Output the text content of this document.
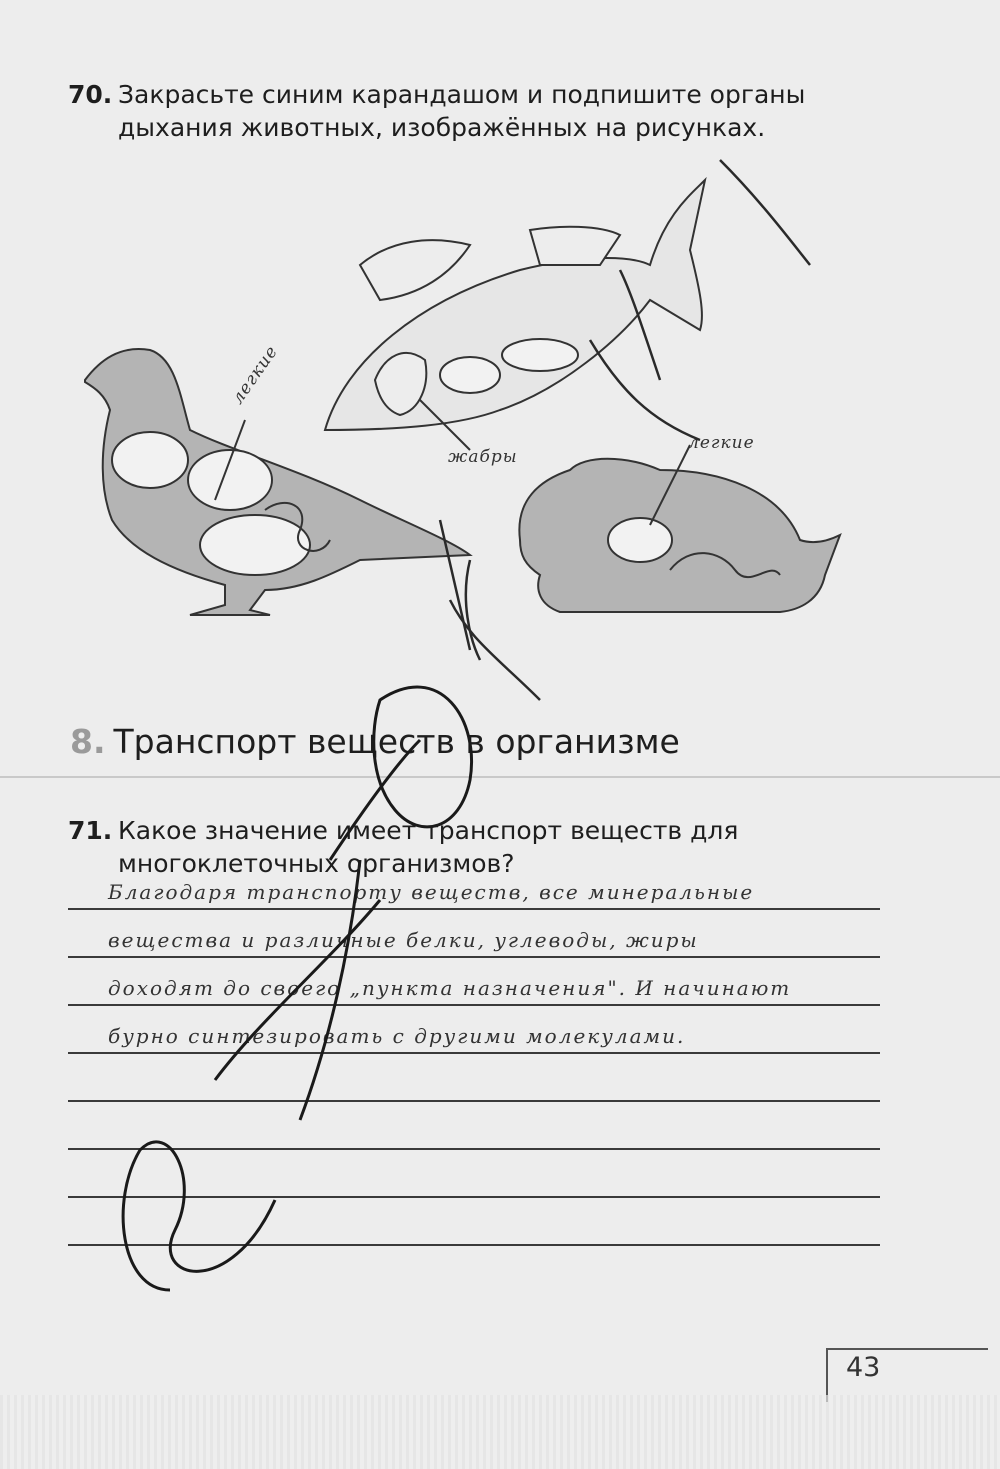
70. Закрасьте синим карандашом и подпишите органы дыхания животных, изображённых на рисунках.
легкие
жабры
легкие
8. Транспорт веществ в организме
71. Какое значение имеет транспорт веществ для многоклеточных организмов?
Благодаря транспорту веществ, все минеральные
вещества и различные белки, углеводы, жиры
доходят до своего „пункта назначения". И начинают
бурно синтезировать с другими молекулами.
43
